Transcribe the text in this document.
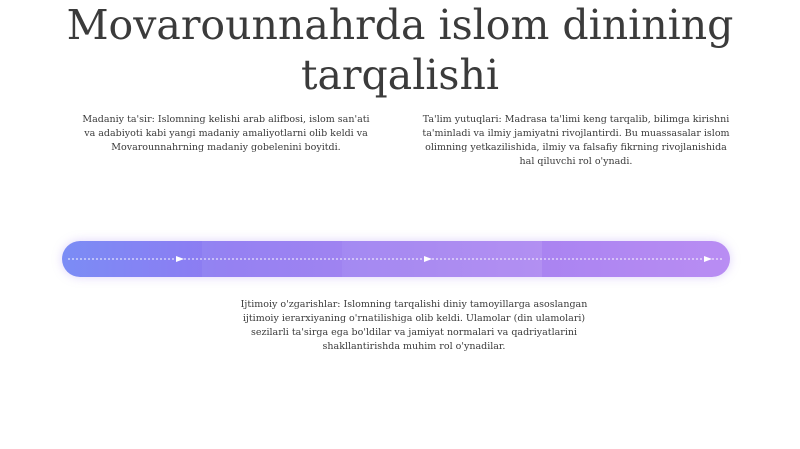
Movarounnahrda islom dinining tarqalishi

Madaniy ta'sir: Islomning kelishi arab alifbosi, islom san'ati va adabiyoti kabi yangi madaniy amaliyotlarni olib keldi va Movarounnahrning madaniy gobelenini boyitdi.

Ta'lim yutuqlari: Madrasa ta'limi keng tarqalib, bilimga kirishni ta'minladi va ilmiy jamiyatni rivojlantirdi. Bu muassasalar islom olimning yetkazilishida, ilmiy va falsafiy fikrning rivojlanishida hal qiluvchi rol o'ynadi.

Ijtimoiy o'zgarishlar: Islomning tarqalishi diniy tamoyillarga asoslangan ijtimoiy ierarxiyaning o'rnatilishiga olib keldi. Ulamolar (din ulamolari) sezilarli ta'sirga ega bo'ldilar va jamiyat normalari va qadriyatlarini shakllantirishda muhim rol o'ynadilar.
